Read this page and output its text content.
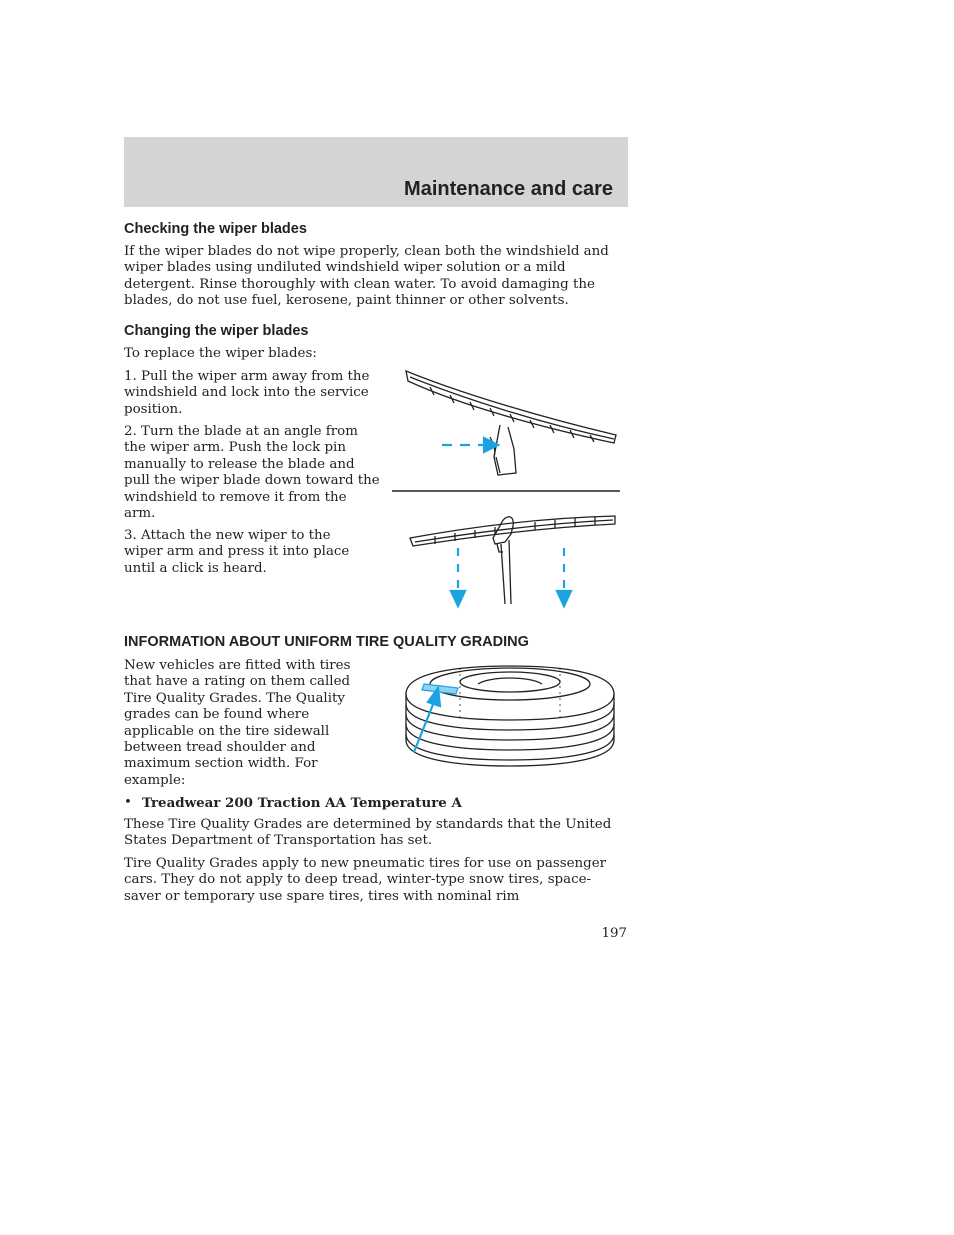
Maintenance and care
Checking the wiper blades

If the wiper blades do not wipe properly, clean both the windshield and wiper blades using undiluted windshield wiper solution or a mild detergent. Rinse thoroughly with clean water. To avoid damaging the blades, do not use fuel, kerosene, paint thinner or other solvents.

Changing the wiper blades

To replace the wiper blades:

1. Pull the wiper arm away from the windshield and lock into the service position.

2. Turn the blade at an angle from the wiper arm. Push the lock pin manually to release the blade and pull the wiper blade down toward the windshield to remove it from the arm.

3. Attach the new wiper to the wiper arm and press it into place until a click is heard.

INFORMATION ABOUT UNIFORM TIRE QUALITY GRADING

New vehicles are fitted with tires that have a rating on them called Tire Quality Grades. The Quality grades can be found where applicable on the tire sidewall between tread shoulder and maximum section width. For example:

• Treadwear 200 Traction AA Temperature A

These Tire Quality Grades are determined by standards that the United States Department of Transportation has set.

Tire Quality Grades apply to new pneumatic tires for use on passenger cars. They do not apply to deep tread, winter-type snow tires, space-saver or temporary use spare tires, tires with nominal rim

197
